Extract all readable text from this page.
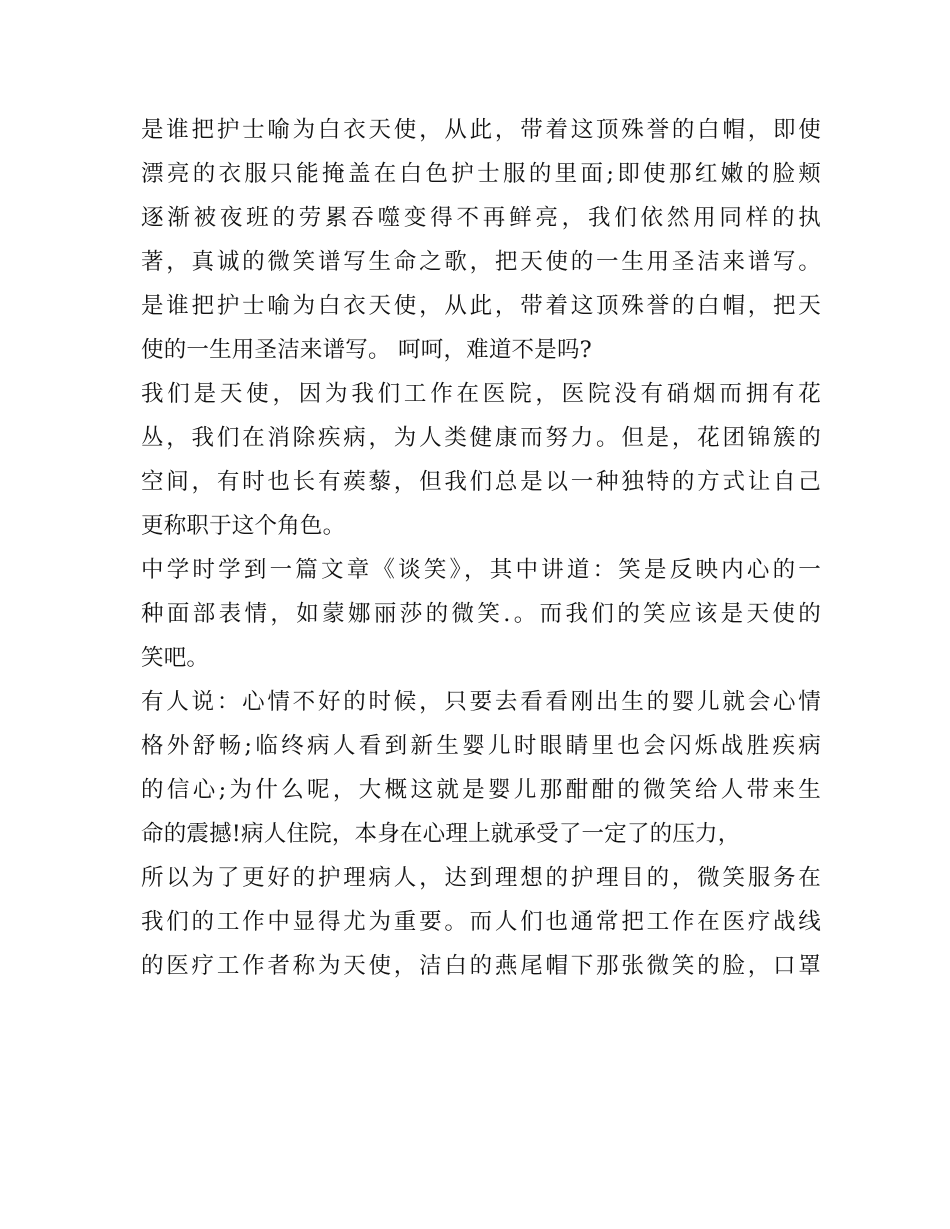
是谁把护士喻为白衣天使，从此，带着这顶殊誉的白帽，即使
漂亮的衣服只能掩盖在白色护士服的里面;即使那红嫩的脸颊
逐渐被夜班的劳累吞噬变得不再鲜亮，我们依然用同样的执
著，真诚的微笑谱写生命之歌，把天使的一生用圣洁来谱写。
是谁把护士喻为白衣天使，从此，带着这顶殊誉的白帽，把天
使的一生用圣洁来谱写。 呵呵，难道不是吗?
我们是天使，因为我们工作在医院，医院没有硝烟而拥有花
丛，我们在消除疾病，为人类健康而努力。但是，花团锦簇的
空间，有时也长有蒺藜，但我们总是以一种独特的方式让自己
更称职于这个角色。
中学时学到一篇文章《谈笑》，其中讲道：笑是反映内心的一
种面部表情，如蒙娜丽莎的微笑.。而我们的笑应该是天使的
笑吧。
有人说：心情不好的时候，只要去看看刚出生的婴儿就会心情
格外舒畅;临终病人看到新生婴儿时眼睛里也会闪烁战胜疾病
的信心;为什么呢，大概这就是婴儿那酣酣的微笑给人带来生
命的震撼!病人住院，本身在心理上就承受了一定了的压力，
所以为了更好的护理病人，达到理想的护理目的，微笑服务在
我们的工作中显得尤为重要。而人们也通常把工作在医疗战线
的医疗工作者称为天使，洁白的燕尾帽下那张微笑的脸，口罩
